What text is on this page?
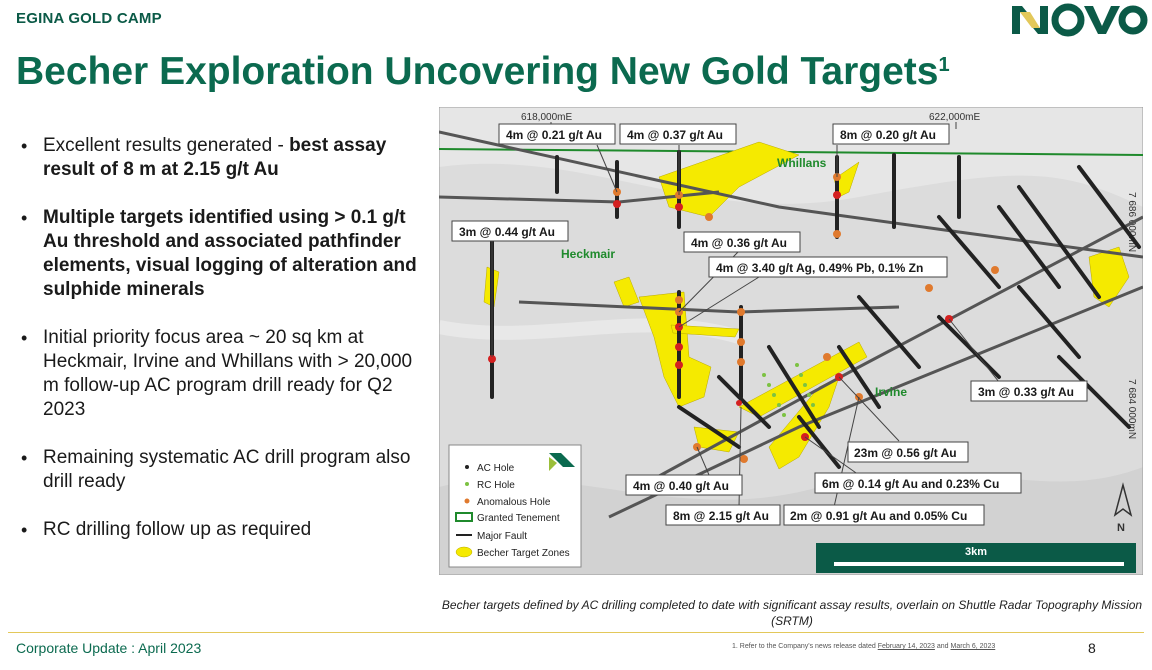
EGINA GOLD CAMP
Becher Exploration Uncovering New Gold Targets$^1$
• Excellent results generated - best assay result of 8 m at 2.15 g/t Au
• Multiple targets identified using > 0.1 g/t Au threshold and associated pathfinder elements, visual logging of alteration and sulphide minerals
• Initial priority focus area ~ 20 sq km at Heckmair, Irvine and Whillans with > 20,000 m follow-up AC program drill ready for Q2 2023
• Remaining systematic AC drill program also drill ready
• RC drilling follow up as required
618,000mE	622,000mE
7 686 000mN
7 684 000mN
Whillans
Heckmair
Irvine
4m @ 0.21 g/t Au 4m @ 0.37 g/t Au	8m @ 0.20 g/t Au
3m @ 0.44 g/t Au
4m @ 0.36 g/t Au
4m @ 3.40 g/t Ag, 0.49% Pb, 0.1% Zn
3m @ 0.33 g/t Au
23m @ 0.56 g/t Au
4m @ 0.40 g/t Au	6m @ 0.14 g/t Au and 0.23% Cu
8m @ 2.15 g/t Au 2m @ 0.91 g/t Au and 0.05% Cu
AC Hole
RC Hole
Anomalous Hole
Granted Tenement
Major Fault
Becher Target Zones
N
3km
Becher targets defined by AC drilling completed to date with significant assay results, overlain on Shuttle Radar Topography Mission (SRTM)
Corporate Update : April 2023	1. Refer to the Company's news release dated February 14, 2023 and March 6, 2023	8
